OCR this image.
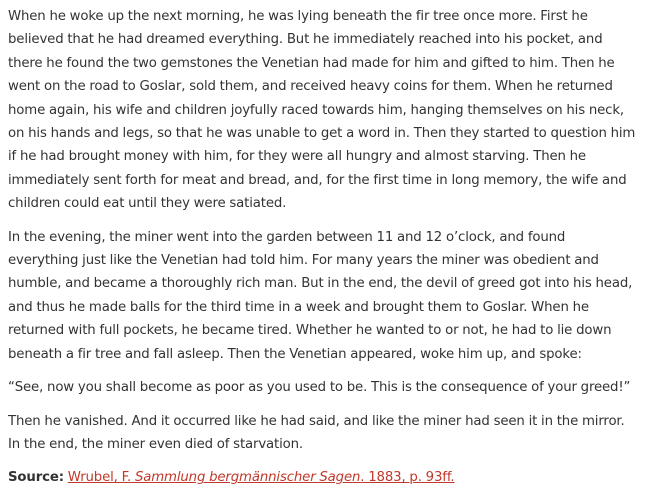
When he woke up the next morning, he was lying beneath the fir tree once more. First he believed that he had dreamed everything. But he immediately reached into his pocket, and there he found the two gemstones the Venetian had made for him and gifted to him. Then he went on the road to Goslar, sold them, and received heavy coins for them. When he returned home again, his wife and children joyfully raced towards him, hanging themselves on his neck, on his hands and legs, so that he was unable to get a word in. Then they started to question him if he had brought money with him, for they were all hungry and almost starving. Then he immediately sent forth for meat and bread, and, for the first time in long memory, the wife and children could eat until they were satiated.

In the evening, the miner went into the garden between 11 and 12 o’clock, and found everything just like the Venetian had told him. For many years the miner was obedient and humble, and became a thoroughly rich man. But in the end, the devil of greed got into his head, and thus he made balls for the third time in a week and brought them to Goslar. When he returned with full pockets, he became tired. Whether he wanted to or not, he had to lie down beneath a fir tree and fall asleep. Then the Venetian appeared, woke him up, and spoke:

“See, now you shall become as poor as you used to be. This is the consequence of your greed!”

Then he vanished. And it occurred like he had said, and like the miner had seen it in the mirror. In the end, the miner even died of starvation.

Source: Wrubel, F. Sammlung bergmännischer Sagen. 1883, p. 93ff.
